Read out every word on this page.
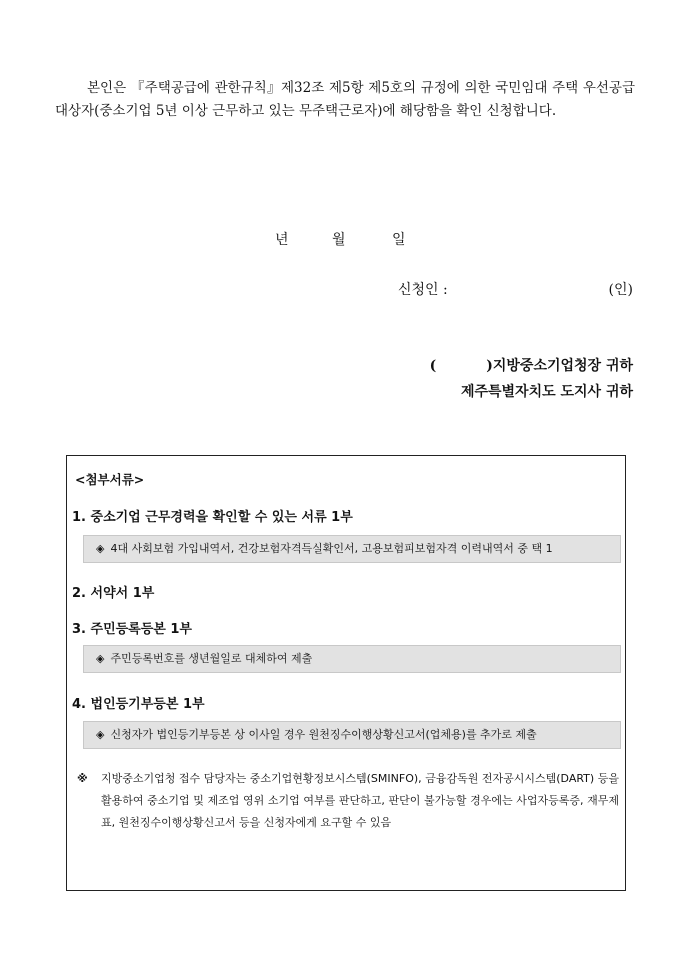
본인은 『주택공급에 관한규칙』제32조 제5항 제5호의 규정에 의한 국민임대 주택 우선공급 대상자(중소기업 5년 이상 근무하고 있는 무주택근로자)에 해당함을 확인 신청합니다.

년	월	일
신청인 :	(인)
(	)지방중소기업청장 귀하
제주특별자치도 도지사 귀하
<첨부서류>
1. 중소기업 근무경력을 확인할 수 있는 서류 1부
◈ 4대 사회보험 가입내역서, 건강보험자격득실확인서, 고용보험피보험자격 이력내역서 중 택 1
2. 서약서 1부
3. 주민등록등본 1부
◈ 주민등록번호를 생년월일로 대체하여 제출
4. 법인등기부등본 1부
◈ 신청자가 법인등기부등본 상 이사일 경우 원천징수이행상황신고서(업체용)를 추가로 제출
※ 지방중소기업청 접수 담당자는 중소기업현황정보시스템(SMINFO), 금융감독원 전자공시시스템(DART) 등을 활용하여 중소기업 및 제조업 영위 소기업 여부를 판단하고, 판단이 불가능할 경우에는 사업자등록증, 재무제표, 원천징수이행상황신고서 등을 신청자에게 요구할 수 있음
